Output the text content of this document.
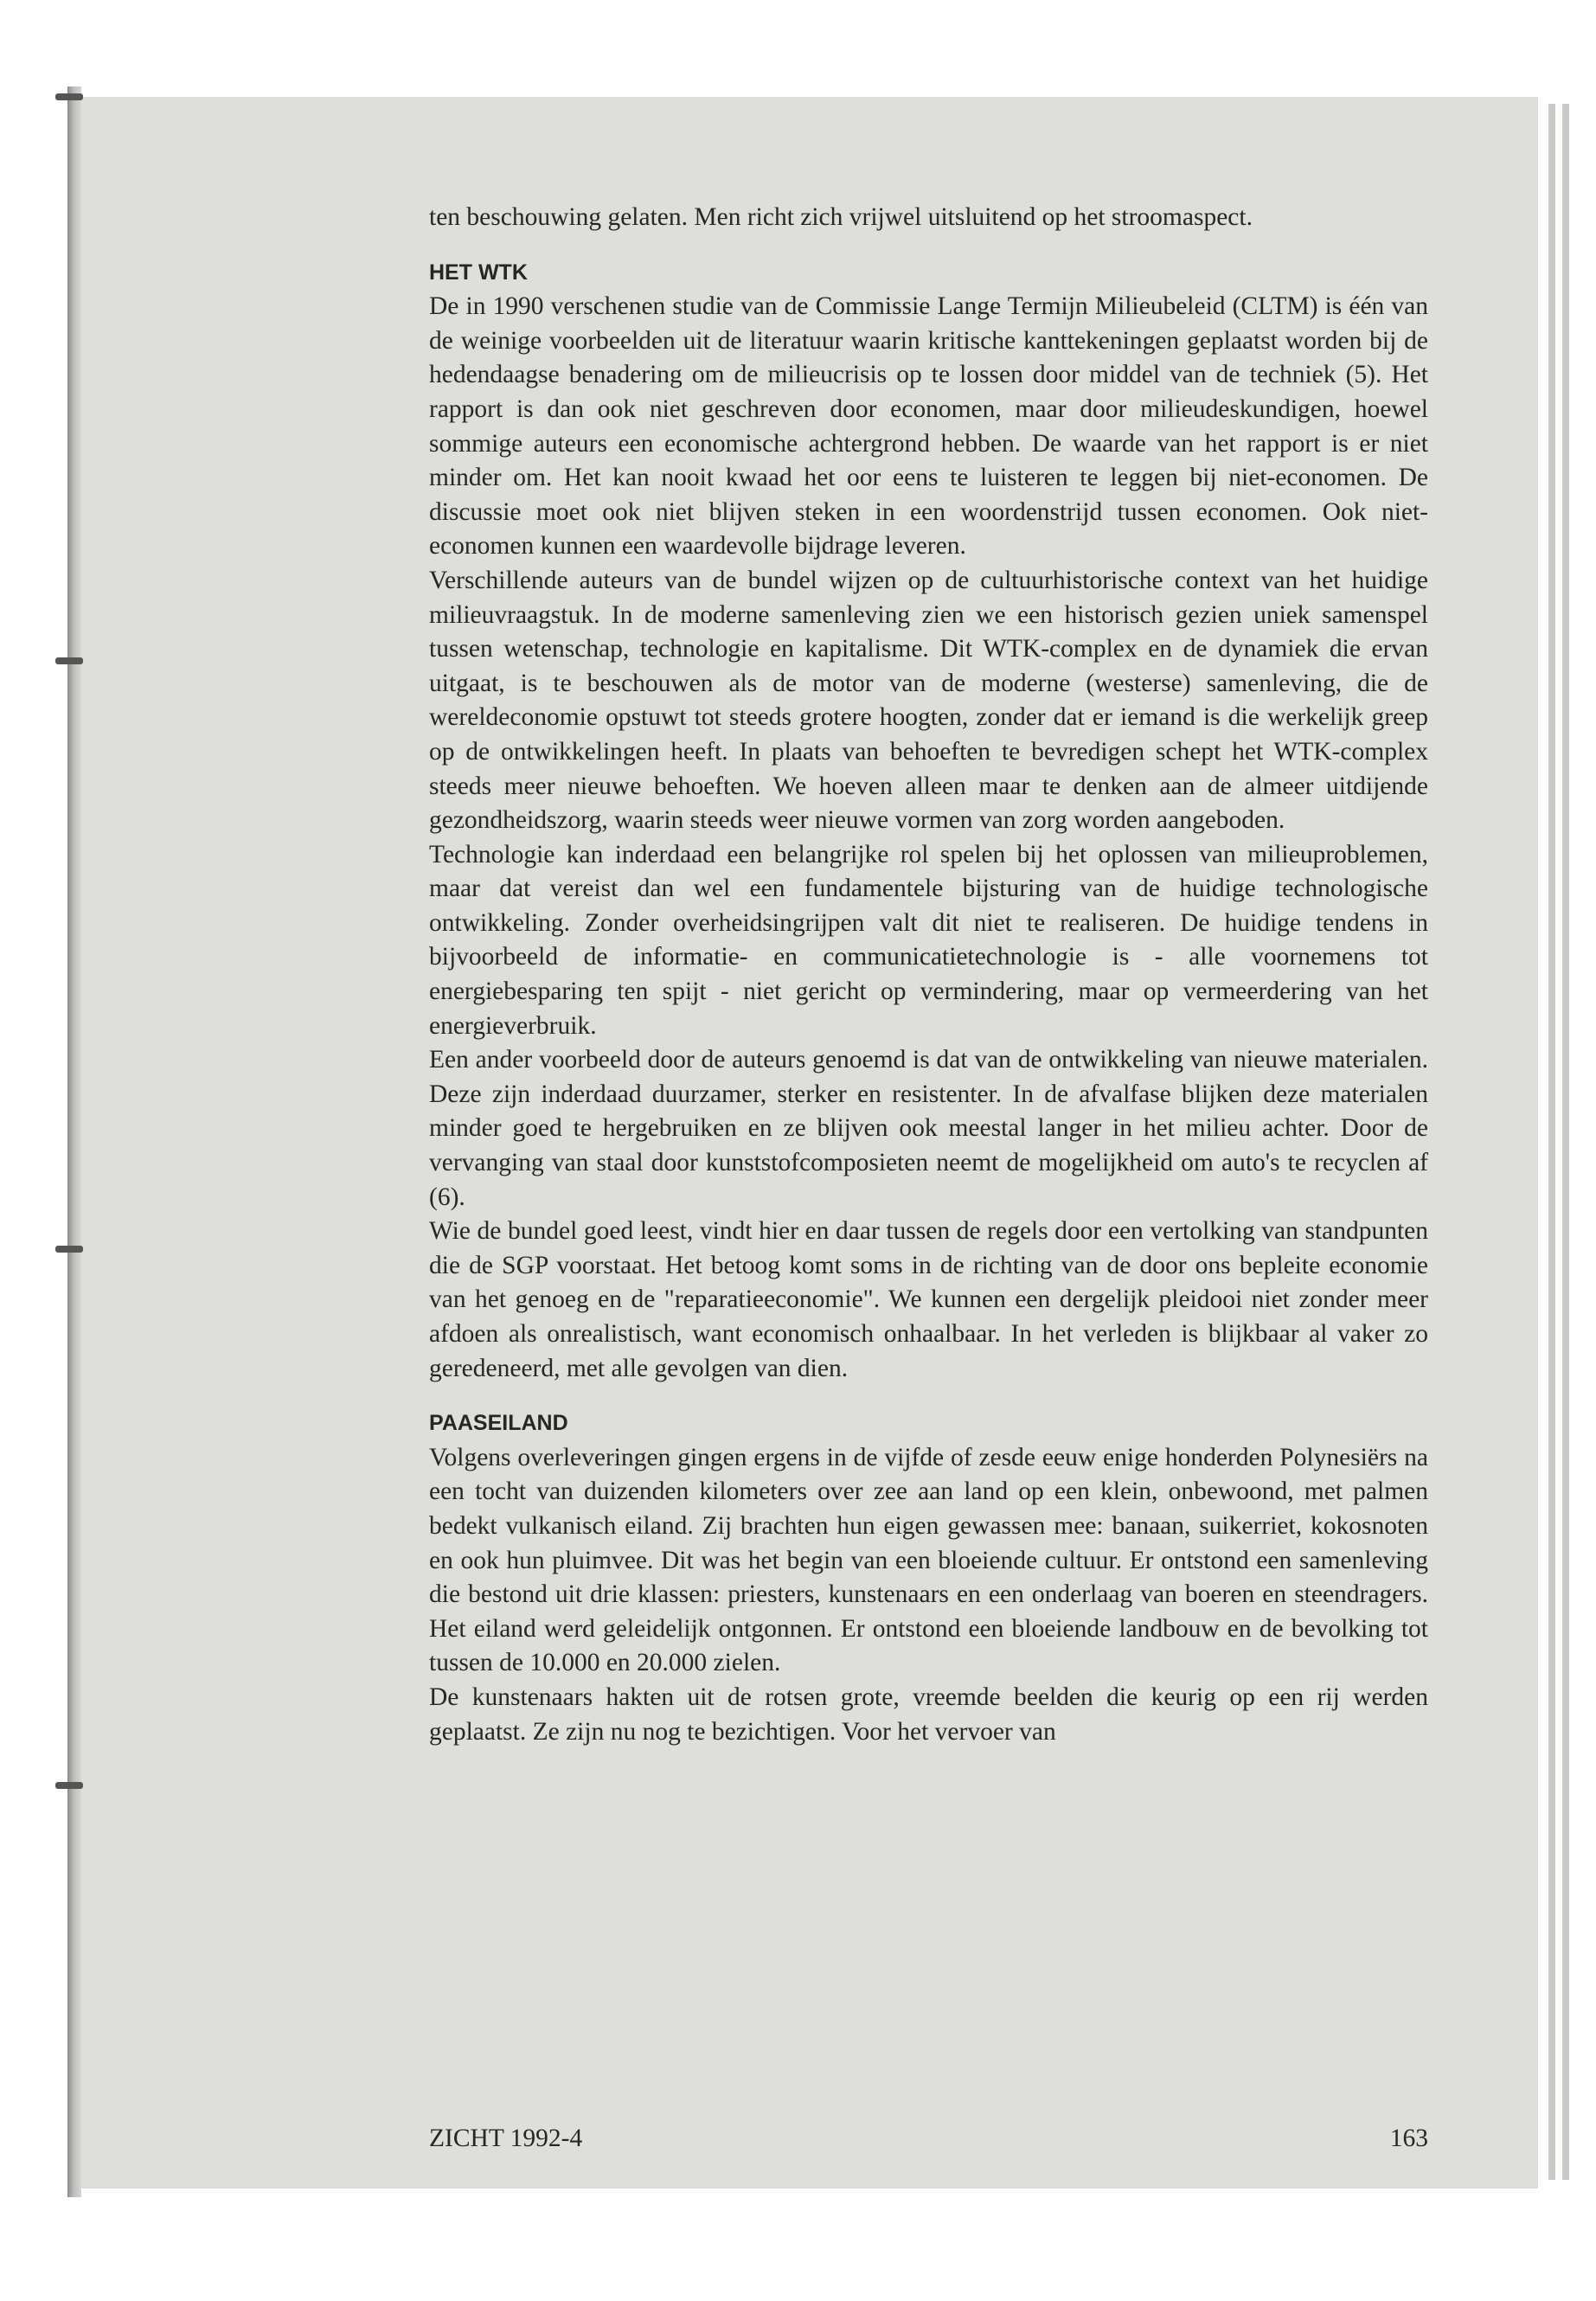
ten beschouwing gelaten. Men richt zich vrijwel uitsluitend op het stroomaspect.

HET WTK

De in 1990 verschenen studie van de Commissie Lange Termijn Milieubeleid (CLTM) is één van de weinige voorbeelden uit de literatuur waarin kritische kanttekeningen geplaatst worden bij de hedendaagse benadering om de milieucrisis op te lossen door middel van de techniek (5). Het rapport is dan ook niet geschreven door economen, maar door milieudeskundigen, hoewel sommige auteurs een economische achtergrond hebben. De waarde van het rapport is er niet minder om. Het kan nooit kwaad het oor eens te luisteren te leggen bij niet-economen. De discussie moet ook niet blijven steken in een woordenstrijd tussen economen. Ook niet-economen kunnen een waardevolle bijdrage leveren.

Verschillende auteurs van de bundel wijzen op de cultuurhistorische context van het huidige milieuvraagstuk. In de moderne samenleving zien we een historisch gezien uniek samenspel tussen wetenschap, technologie en kapitalisme. Dit WTK-complex en de dynamiek die ervan uitgaat, is te beschouwen als de motor van de moderne (westerse) samenleving, die de wereldeconomie opstuwt tot steeds grotere hoogten, zonder dat er iemand is die werkelijk greep op de ontwikkelingen heeft. In plaats van behoeften te bevredigen schept het WTK-complex steeds meer nieuwe behoeften. We hoeven alleen maar te denken aan de almeer uitdijende gezondheidszorg, waarin steeds weer nieuwe vormen van zorg worden aangeboden.

Technologie kan inderdaad een belangrijke rol spelen bij het oplossen van milieuproblemen, maar dat vereist dan wel een fundamentele bijsturing van de huidige technologische ontwikkeling. Zonder overheidsingrijpen valt dit niet te realiseren. De huidige tendens in bijvoorbeeld de informatie- en communicatietechnologie is - alle voornemens tot energiebesparing ten spijt - niet gericht op vermindering, maar op vermeerdering van het energieverbruik.

Een ander voorbeeld door de auteurs genoemd is dat van de ontwikkeling van nieuwe materialen. Deze zijn inderdaad duurzamer, sterker en resistenter. In de afvalfase blijken deze materialen minder goed te hergebruiken en ze blijven ook meestal langer in het milieu achter. Door de vervanging van staal door kunststofcomposieten neemt de mogelijkheid om auto's te recyclen af (6).

Wie de bundel goed leest, vindt hier en daar tussen de regels door een vertolking van standpunten die de SGP voorstaat. Het betoog komt soms in de richting van de door ons bepleite economie van het genoeg en de "reparatieeconomie". We kunnen een dergelijk pleidooi niet zonder meer afdoen als onrealistisch, want economisch onhaalbaar. In het verleden is blijkbaar al vaker zo geredeneerd, met alle gevolgen van dien.

PAASEILAND

Volgens overleveringen gingen ergens in de vijfde of zesde eeuw enige honderden Polynesiërs na een tocht van duizenden kilometers over zee aan land op een klein, onbewoond, met palmen bedekt vulkanisch eiland. Zij brachten hun eigen gewassen mee: banaan, suikerriet, kokosnoten en ook hun pluimvee. Dit was het begin van een bloeiende cultuur. Er ontstond een samenleving die bestond uit drie klassen: priesters, kunstenaars en een onderlaag van boeren en steendragers. Het eiland werd geleidelijk ontgonnen. Er ontstond een bloeiende landbouw en de bevolking tot tussen de 10.000 en 20.000 zielen.

De kunstenaars hakten uit de rotsen grote, vreemde beelden die keurig op een rij werden geplaatst. Ze zijn nu nog te bezichtigen. Voor het vervoer van

ZICHT 1992-4	163
